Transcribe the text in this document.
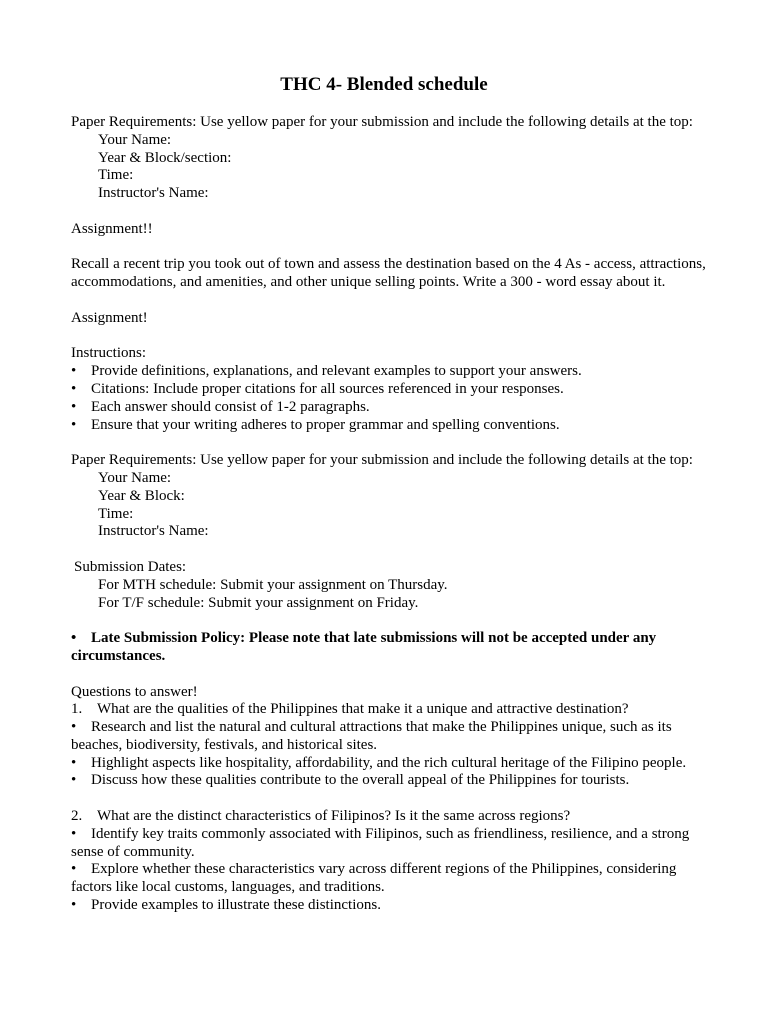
THC 4- Blended schedule
Paper Requirements: Use yellow paper for your submission and include the following details at the top:
Your Name:
Year & Block/section:
Time:
Instructor's Name:
Assignment!!
Recall a recent trip you took out of town and assess the destination based on the 4 As - access, attractions, accommodations, and amenities, and other unique selling points. Write a 300 - word essay about it.
Assignment!
Instructions:
• Provide definitions, explanations, and relevant examples to support your answers.
• Citations: Include proper citations for all sources referenced in your responses.
• Each answer should consist of 1-2 paragraphs.
• Ensure that your writing adheres to proper grammar and spelling conventions.
Paper Requirements: Use yellow paper for your submission and include the following details at the top:
Your Name:
Year & Block:
Time:
Instructor's Name:
Submission Dates:
For MTH schedule: Submit your assignment on Thursday.
For T/F schedule: Submit your assignment on Friday.
• Late Submission Policy: Please note that late submissions will not be accepted under any circumstances.
Questions to answer!
1. What are the qualities of the Philippines that make it a unique and attractive destination?
• Research and list the natural and cultural attractions that make the Philippines unique, such as its beaches, biodiversity, festivals, and historical sites.
• Highlight aspects like hospitality, affordability, and the rich cultural heritage of the Filipino people.
• Discuss how these qualities contribute to the overall appeal of the Philippines for tourists.
2. What are the distinct characteristics of Filipinos? Is it the same across regions?
• Identify key traits commonly associated with Filipinos, such as friendliness, resilience, and a strong sense of community.
• Explore whether these characteristics vary across different regions of the Philippines, considering factors like local customs, languages, and traditions.
• Provide examples to illustrate these distinctions.
